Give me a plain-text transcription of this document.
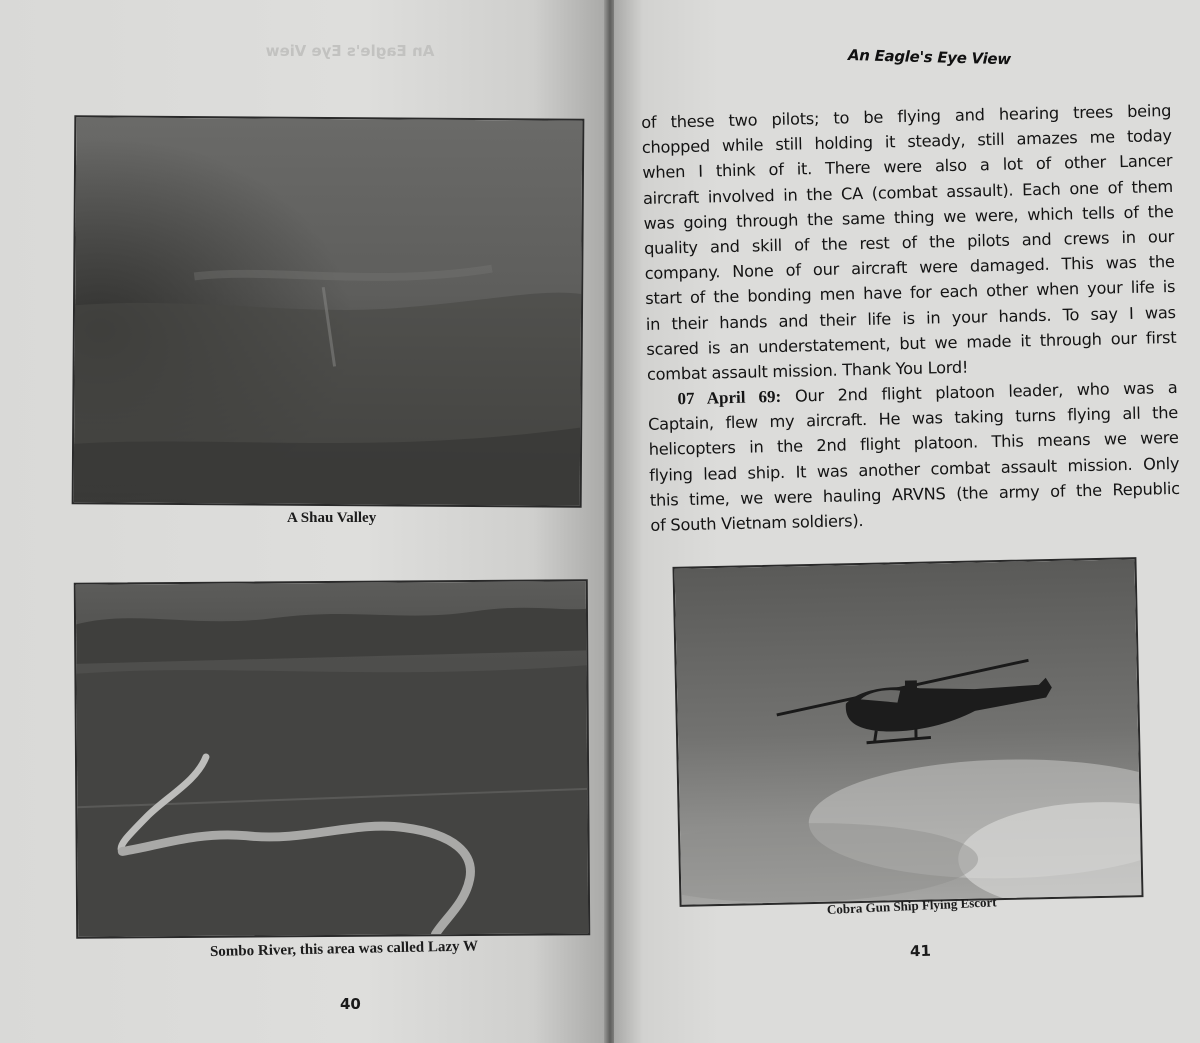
An Eagle's Eye View
A Shau Valley
Sombo River, this area was called Lazy W
40
An Eagle's Eye View
of these two pilots; to be flying and hearing trees being
chopped while still holding it steady, still amazes me today
when I think of it. There were also a lot of other Lancer
aircraft involved in the CA (combat assault). Each one of them
was going through the same thing we were, which tells of the
quality and skill of the rest of the pilots and crews in our
company. None of our aircraft were damaged. This was the
start of the bonding men have for each other when your life is
in their hands and their life is in your hands. To say I was
scared is an understatement, but we made it through our first
combat assault mission. Thank You Lord!
07 April 69: Our 2nd flight platoon leader, who was a
Captain, flew my aircraft. He was taking turns flying all the
helicopters in the 2nd flight platoon. This means we were
flying lead ship. It was another combat assault mission. Only
this time, we were hauling ARVNS (the army of the Republic
of South Vietnam soldiers).
Cobra Gun Ship Flying Escort
41
